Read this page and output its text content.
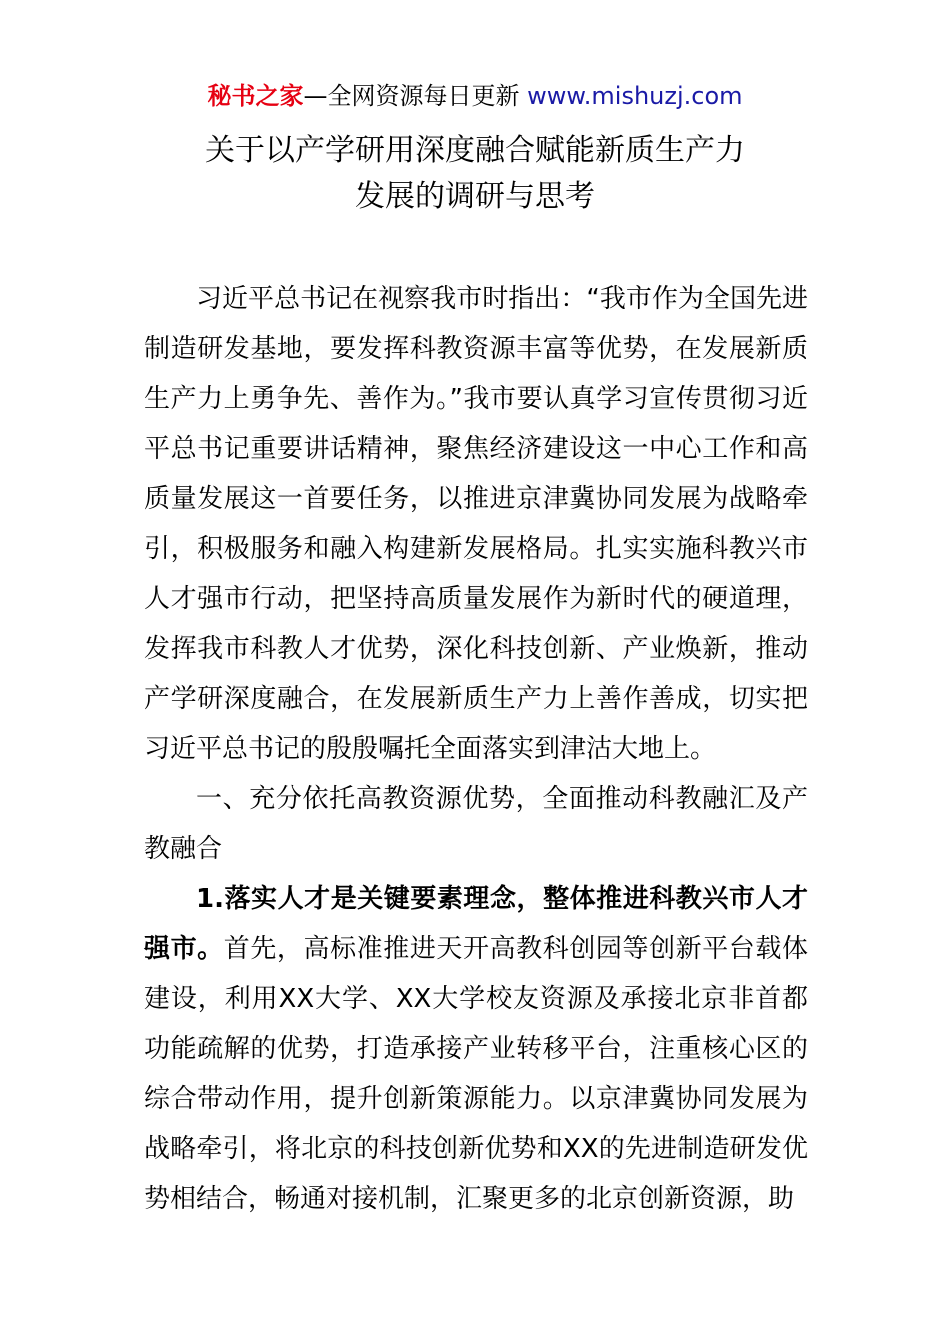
秘书之家—全网资源每日更新 www.mishuzj.com
关于以产学研用深度融合赋能新质生产力
发展的调研与思考

习近平总书记在视察我市时指出：“我市作为全国先进制造研发基地，要发挥科教资源丰富等优势，在发展新质生产力上勇争先、善作为。”我市要认真学习宣传贯彻习近平总书记重要讲话精神，聚焦经济建设这一中心工作和高质量发展这一首要任务，以推进京津冀协同发展为战略牵引，积极服务和融入构建新发展格局。扎实实施科教兴市人才强市行动，把坚持高质量发展作为新时代的硬道理，发挥我市科教人才优势，深化科技创新、产业焕新，推动产学研深度融合，在发展新质生产力上善作善成，切实把习近平总书记的殷殷嘱托全面落实到津沽大地上。

一、充分依托高教资源优势，全面推动科教融汇及产教融合

1.落实人才是关键要素理念，整体推进科教兴市人才强市。首先，高标准推进天开高教科创园等创新平台载体建设，利用XX大学、XX大学校友资源及承接北京非首都功能疏解的优势，打造承接产业转移平台，注重核心区的综合带动作用，提升创新策源能力。以京津冀协同发展为战略牵引，将北京的科技创新优势和XX的先进制造研发优势相结合，畅通对接机制，汇聚更多的北京创新资源，助
